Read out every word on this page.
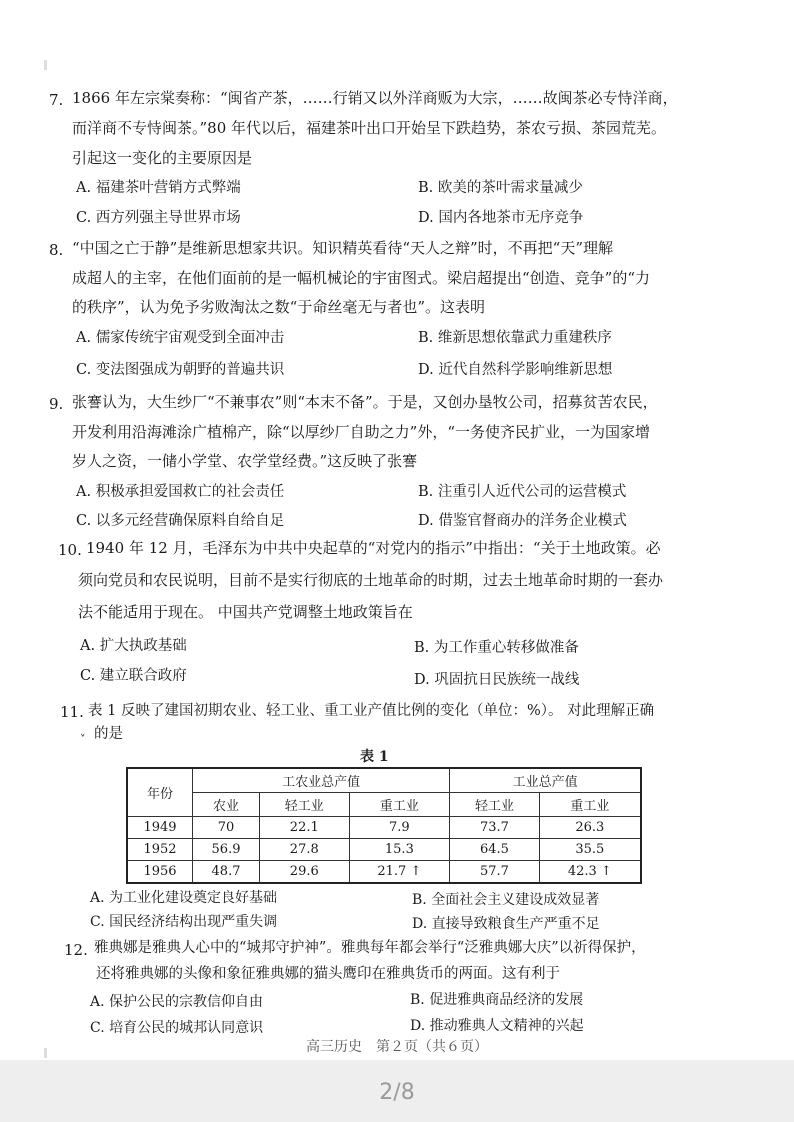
7. 1866 年左宗棠奏称：“闽省产茶，……行销又以外洋商贩为大宗，……故闽茶必专恃洋商，
而洋商不专恃闽茶。”80 年代以后，福建茶叶出口开始呈下跌趋势，茶农亏损、茶园荒芜。
引起这一变化的主要原因是
A. 福建茶叶营销方式弊端	B. 欧美的茶叶需求量减少
C. 西方列强主导世界市场	D. 国内各地茶市无序竞争
8. “中国之亡于静”是维新思想家共识。知识精英看待“天人之辩”时，不再把“天”理解
成超人的主宰，在他们面前的是一幅机械论的宇宙图式。梁启超提出“创造、竞争”的“力
的秩序”，认为免予劣败淘汰之数“于命丝毫无与者也”。这表明
A. 儒家传统宇宙观受到全面冲击	B. 维新思想依靠武力重建秩序
C. 变法图强成为朝野的普遍共识	D. 近代自然科学影响维新思想
9. 张謇认为，大生纱厂“不兼事农”则“本末不备”。于是，又创办垦牧公司，招募贫苦农民，
开发利用沿海滩涂广植棉产，除“以厚纱厂自助之力”外，“一务使齐民扩业，一为国家增
岁人之资，一储小学堂、农学堂经费。”这反映了张謇
A. 积极承担爱国救亡的社会责任	B. 注重引人近代公司的运营模式
C. 以多元经营确保原料自给自足	D. 借鉴官督商办的洋务企业模式
10. 1940 年 12 月，毛泽东为中共中央起草的“对党内的指示”中指出：“关于土地政策。必
须向党员和农民说明，目前不是实行彻底的土地革命的时期，过去土地革命时期的一套办
法不能适用于现在。 中国共产党调整土地政策旨在
A. 扩大执政基础	B. 为工作重心转移做准备
C. 建立联合政府	D. 巩固抗日民族统一战线
11. 表 1 反映了建国初期农业、轻工业、重工业产值比例的变化（单位：%）。 对此理解正确
的是
˅
表 1
年份	工农业总产值			工业总产值	
	农业	轻工业	重工业	轻工业	重工业
1949	70	22.1	7.9	73.7	26.3
1952	56.9	27.8	15.3	64.5	35.5
1956	48.7	29.6	21.7 ↑	57.7	42.3 ↑
A. 为工业化建设奠定良好基础	B. 全面社会主义建设成效显著
C. 国民经济结构出现严重失调	D. 直接导致粮食生产严重不足
12. 雅典娜是雅典人心中的“城邦守护神”。雅典每年都会举行“泛雅典娜大庆”以祈得保护，
还将雅典娜的头像和象征雅典娜的猫头鹰印在雅典货币的两面。这有利于
A. 保护公民的宗教信仰自由	B. 促进雅典商品经济的发展
C. 培育公民的城邦认同意识	D. 推动雅典人文精神的兴起
高三历史　第２页（共６页）
2/8
